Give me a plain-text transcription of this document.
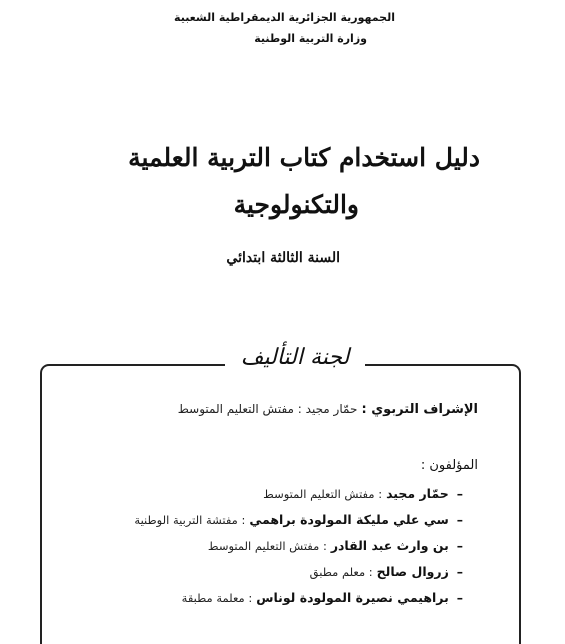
الجمهورية الجزائرية الديمقراطية الشعبية
وزارة التربية الوطنية
دليل استخدام كتاب التربية العلمية
والتكنولوجية
السنة الثالثة ابتدائي
لجنة التأليف
الإشراف التربوي : حمّار مجيد : مفتش التعليم المتوسط
المؤلفون :
– حمّار مجيد : مفتش التعليم المتوسط
– سي علي مليكة المولودة براهمي : مفتشة التربية الوطنية
– بن وارث عبد القادر : مفتش التعليم المتوسط
– زروال صالح : معلم مطبق
– براهيمي نصيرة المولودة لوناس : معلمة مطبقة
